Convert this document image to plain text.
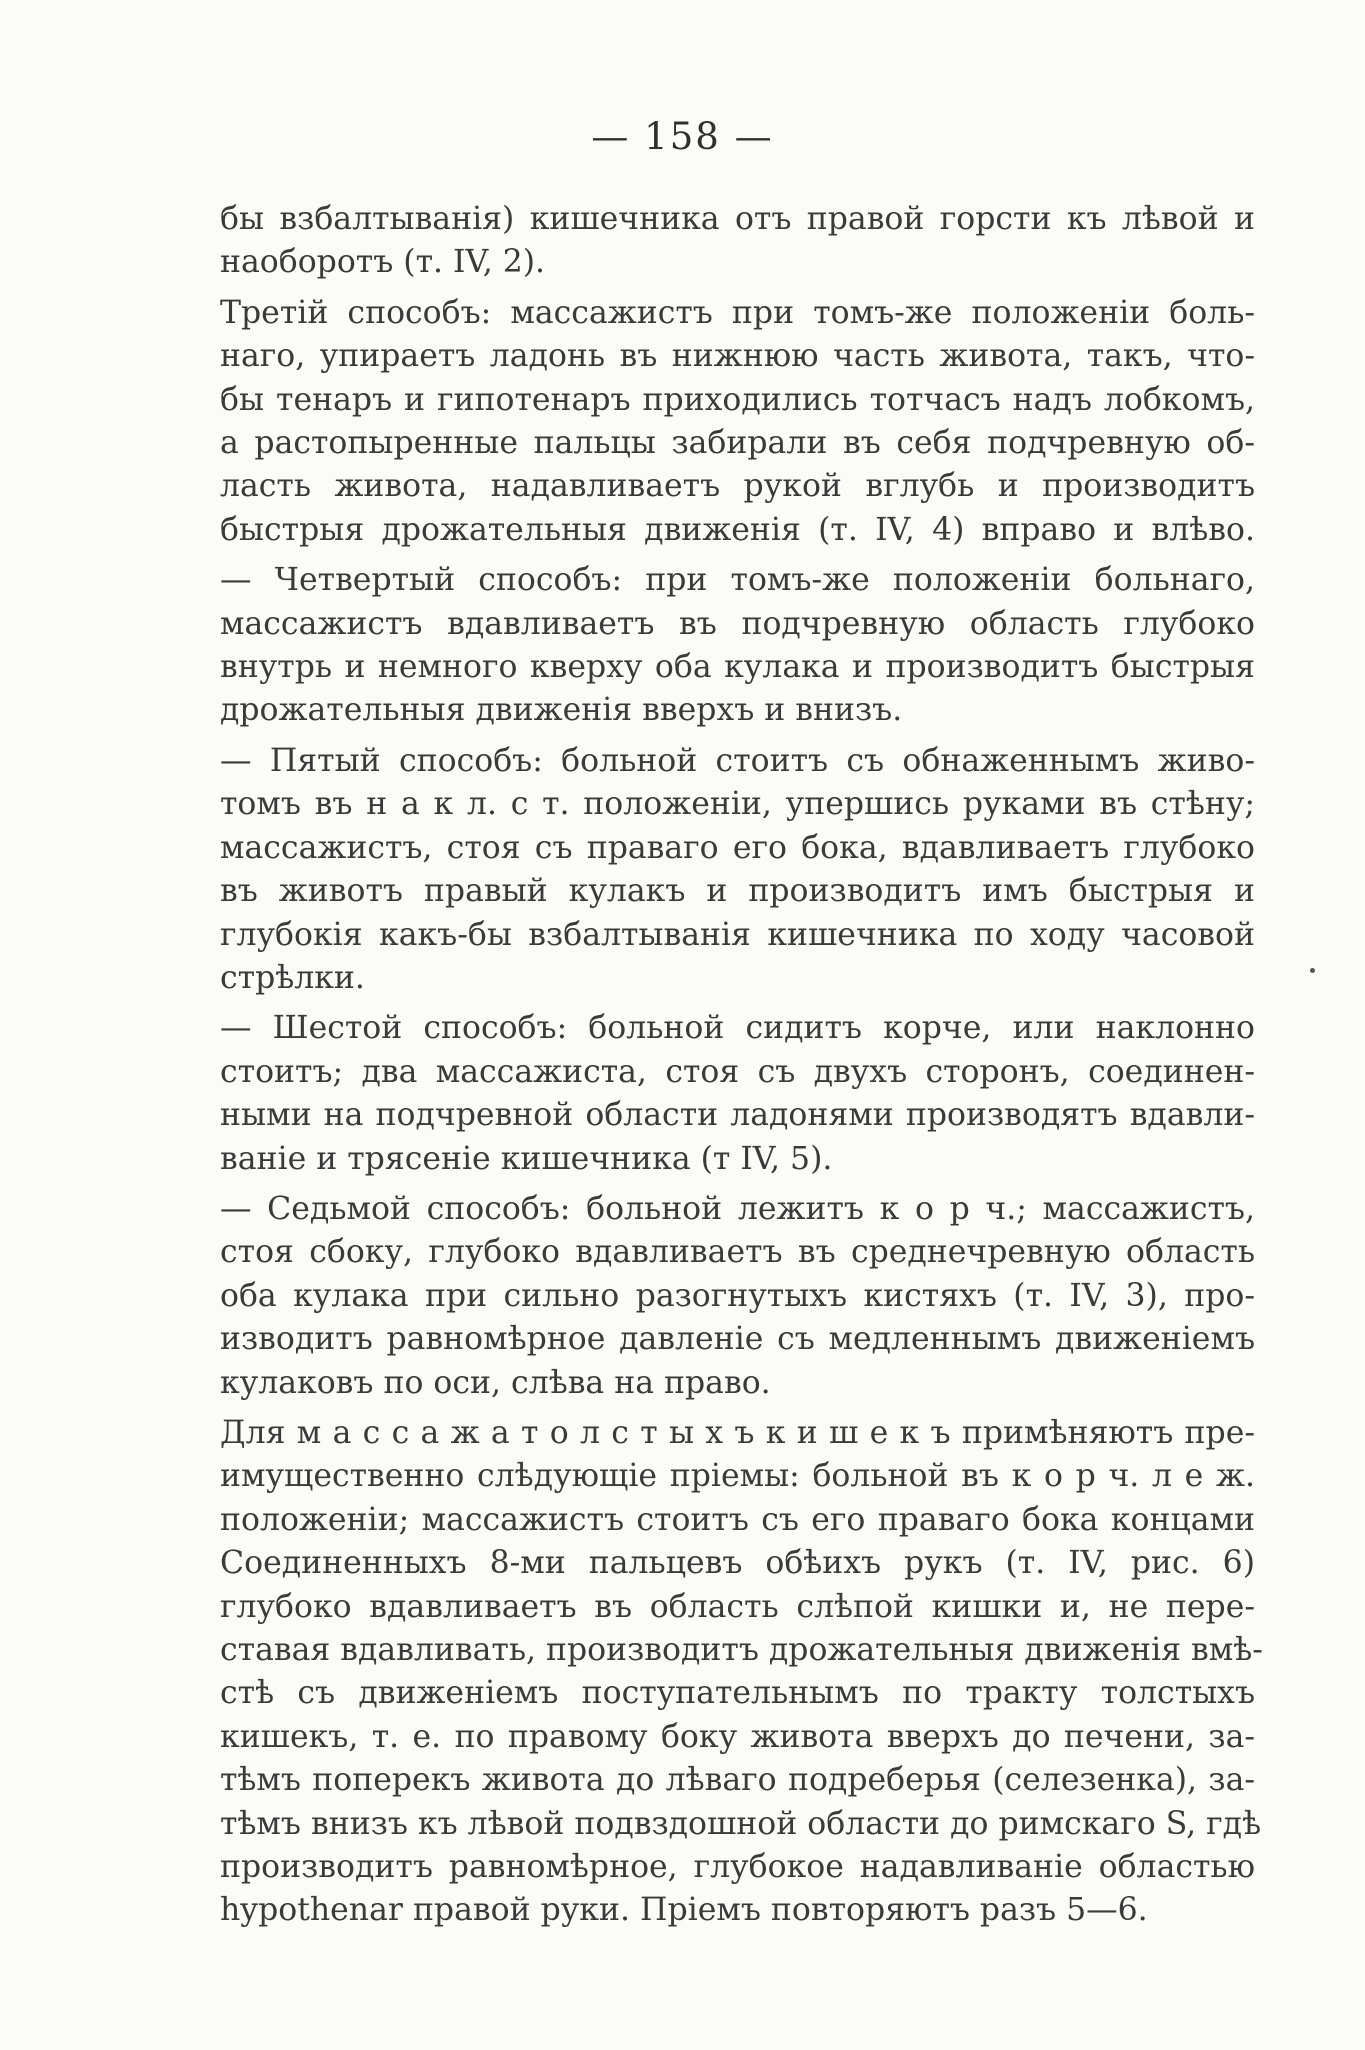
— 158 —
бы взбалтыванія) кишечника отъ правой горсти къ лѣвой и
наоборотъ (т. IV, 2).
Третій способъ: массажистъ при томъ-же положеніи боль-
наго, упираетъ ладонь въ нижнюю часть живота, такъ, что-
бы тенаръ и гипотенаръ приходились тотчасъ надъ лобкомъ,
а растопыренные пальцы забирали въ себя подчревную об-
ласть живота, надавливаетъ рукой вглубь и производитъ
быстрыя дрожательныя движенія (т. IV, 4) вправо и влѣво.
— Четвертый способъ: при томъ-же положеніи больнаго,
массажистъ вдавливаетъ въ подчревную область глубоко
внутрь и немного кверху оба кулака и производитъ быстрыя
дрожательныя движенія вверхъ и внизъ.
— Пятый способъ: больной стоитъ съ обнаженнымъ живо-
томъ въ н а к л. с т. положеніи, упершись руками въ стѣну;
массажистъ, стоя съ праваго его бока, вдавливаетъ глубоко
въ животъ правый кулакъ и производитъ имъ быстрыя и
глубокія какъ-бы взбалтыванія кишечника по ходу часовой
стрѣлки.
— Шестой способъ: больной сидитъ корче, или наклонно
стоитъ; два массажиста, стоя съ двухъ сторонъ, соединен-
ными на подчревной области ладонями производятъ вдавли-
ваніе и трясеніе кишечника (т IV, 5).
— Седьмой способъ: больной лежитъ к о р ч.; массажистъ,
стоя сбоку, глубоко вдавливаетъ въ среднечревную область
оба кулака при сильно разогнутыхъ кистяхъ (т. IV, 3), про-
изводитъ равномѣрное давленіе съ медленнымъ движеніемъ
кулаковъ по оси, слѣва на право.
Для м а с с а ж а т о л с т ы х ъ к и ш е к ъ примѣняютъ пре-
имущественно слѣдующіе пріемы: больной въ к о р ч. л е ж.
положеніи; массажистъ стоитъ съ его праваго бока концами
Соединенныхъ 8-ми пальцевъ обѣихъ рукъ (т. IV, рис. 6)
глубоко вдавливаетъ въ область слѣпой кишки и, не пере-
ставая вдавливать, производитъ дрожательныя движенія вмѣ-
стѣ съ движеніемъ поступательнымъ по тракту толстыхъ
кишекъ, т. е. по правому боку живота вверхъ до печени, за-
тѣмъ поперекъ живота до лѣваго подреберья (селезенка), за-
тѣмъ внизъ къ лѣвой подвздошной области до римскаго S, гдѣ
производитъ равномѣрное, глубокое надавливаніе областью
hypothenar правой руки. Пріемъ повторяютъ разъ 5—6.
